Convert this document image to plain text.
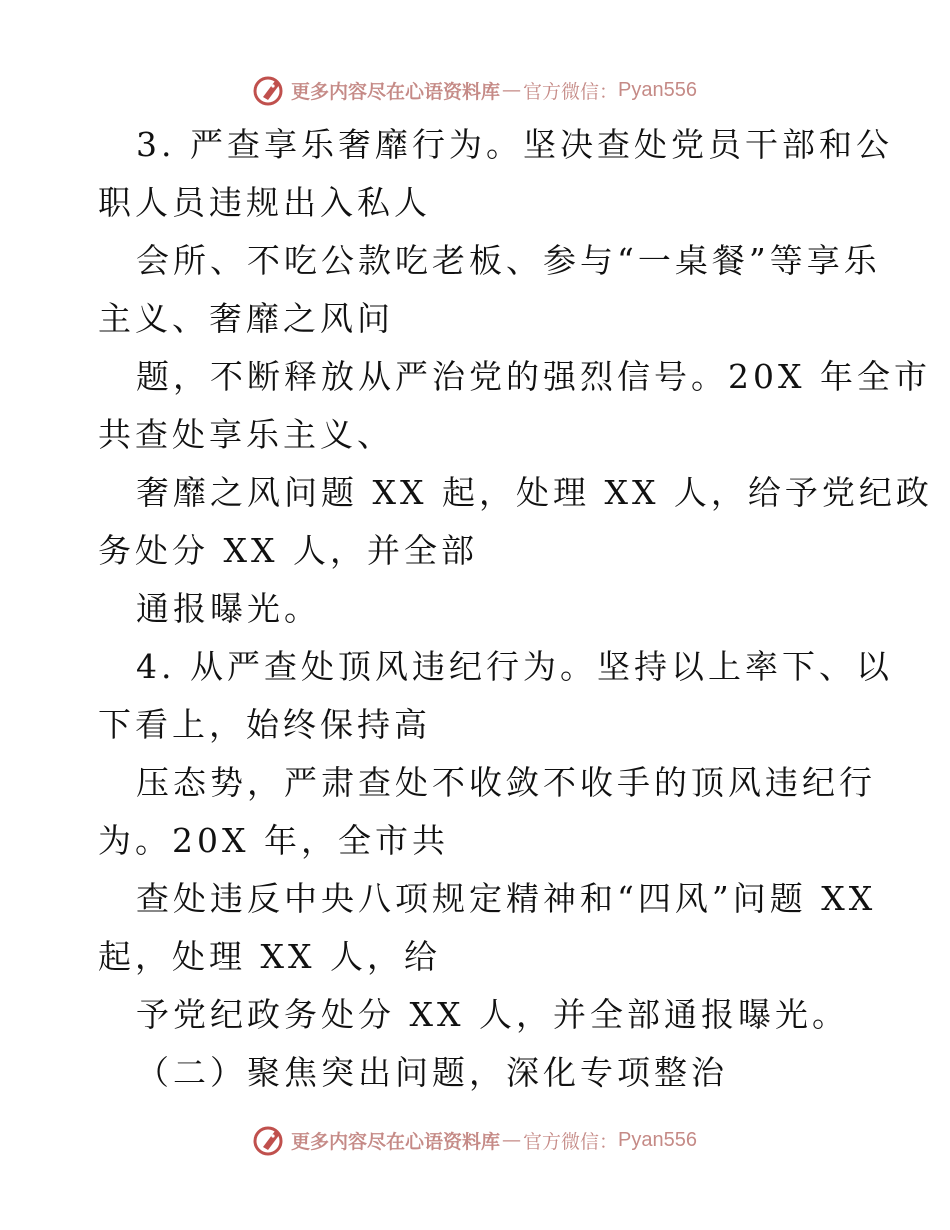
更多内容尽在心语资料库 — 官方微信： Pyan556
3. 严查享乐奢靡行为。坚决查处党员干部和公
职人员违规出入私人
会所、不吃公款吃老板、参与“一桌餐”等享乐
主义、奢靡之风问
题，不断释放从严治党的强烈信号。20X 年全市
共查处享乐主义、
奢靡之风问题 XX 起，处理 XX 人，给予党纪政
务处分 XX 人，并全部
通报曝光。
4. 从严查处顶风违纪行为。坚持以上率下、以
下看上，始终保持高
压态势，严肃查处不收敛不收手的顶风违纪行
为。20X 年，全市共
查处违反中央八项规定精神和“四风”问题 XX
起，处理 XX 人，给
予党纪政务处分 XX 人，并全部通报曝光。
（二）聚焦突出问题，深化专项整治
更多内容尽在心语资料库 — 官方微信： Pyan556
